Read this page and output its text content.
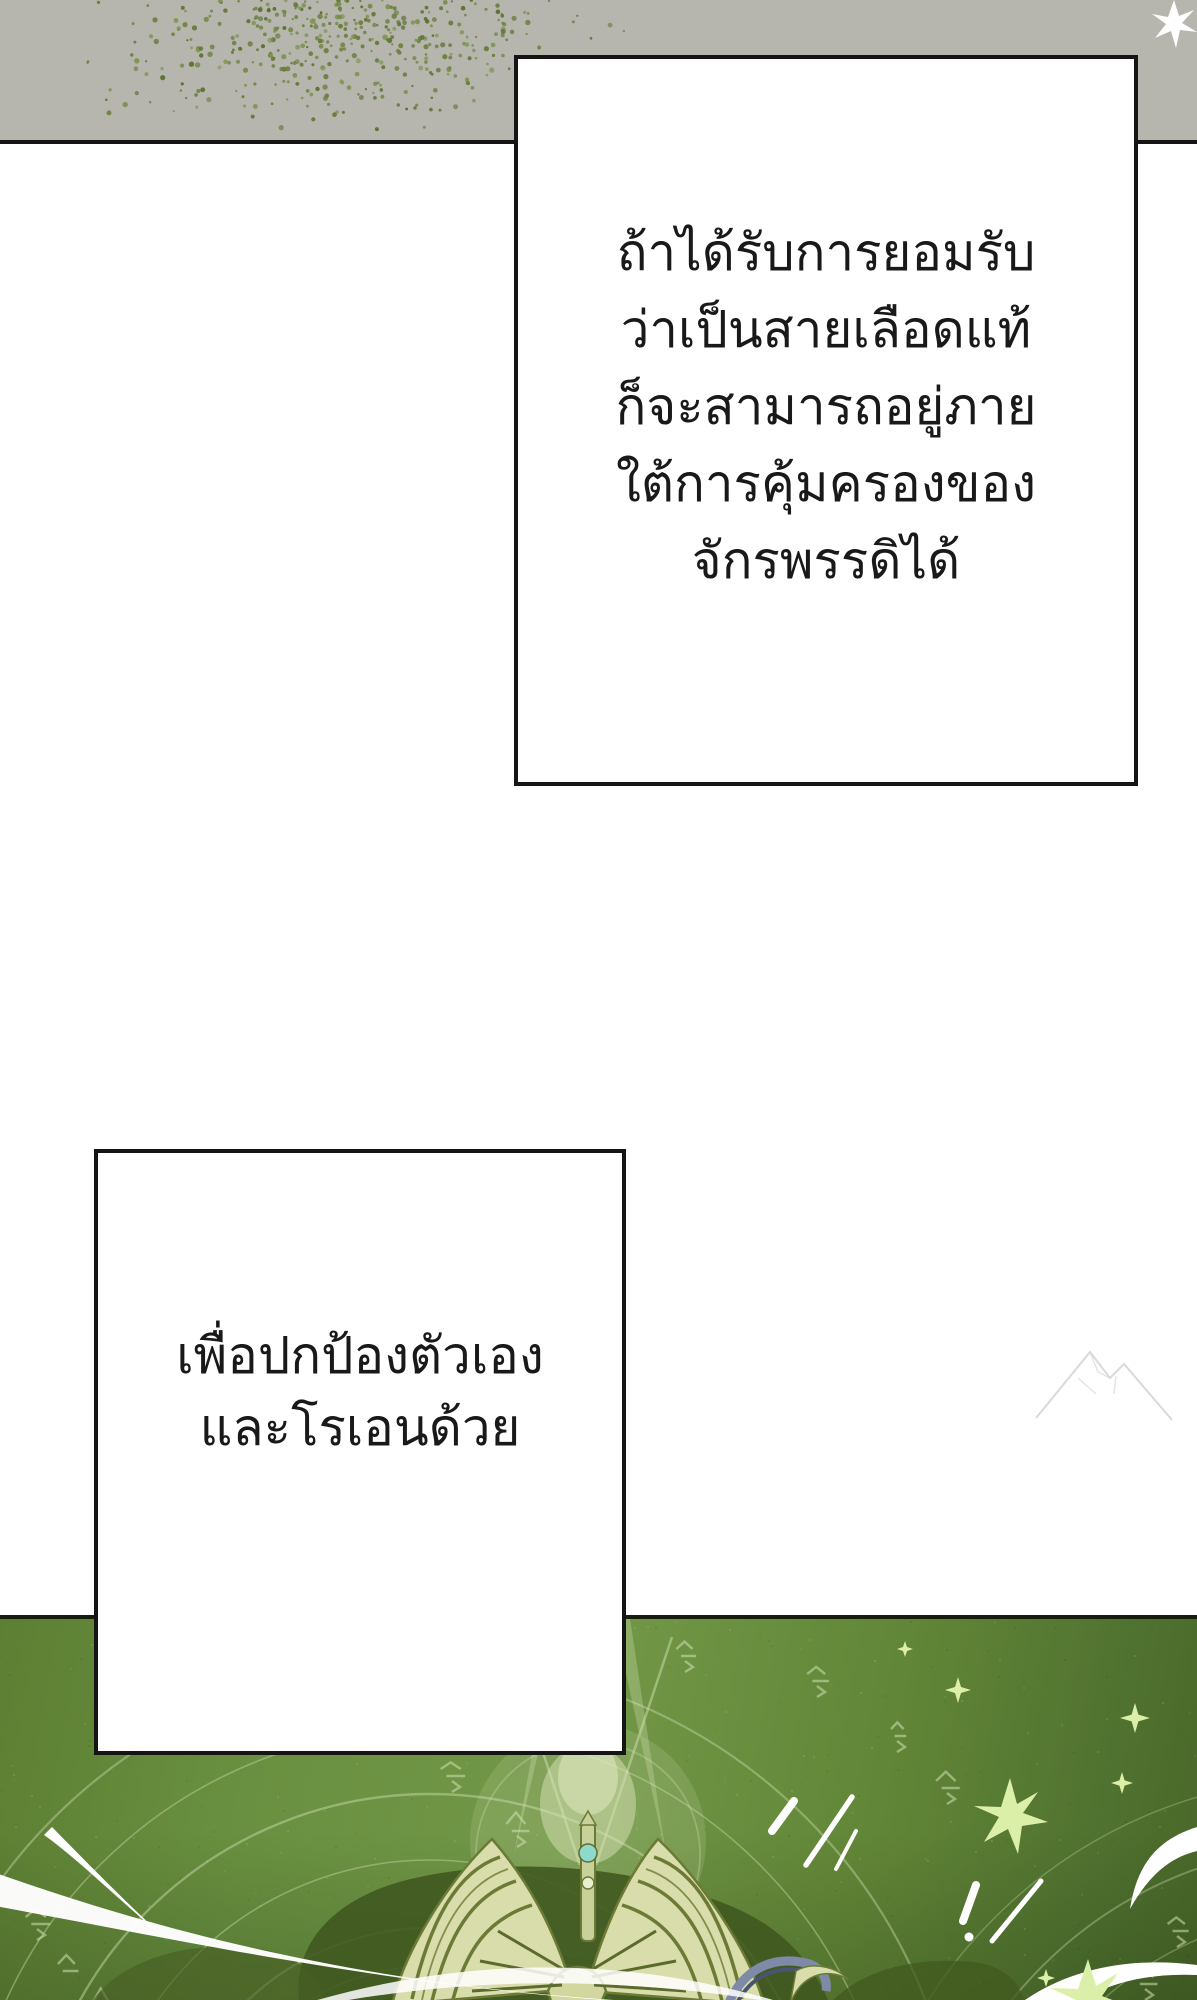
ถ้าได้รับการยอมรับ
ว่าเป็นสายเลือดแท้
ก็จะสามารถอยู่ภาย
ใต้การคุ้มครองของ
จักรพรรดิได้
เพื่อปกป้องตัวเอง
และโรเอนด้วย
